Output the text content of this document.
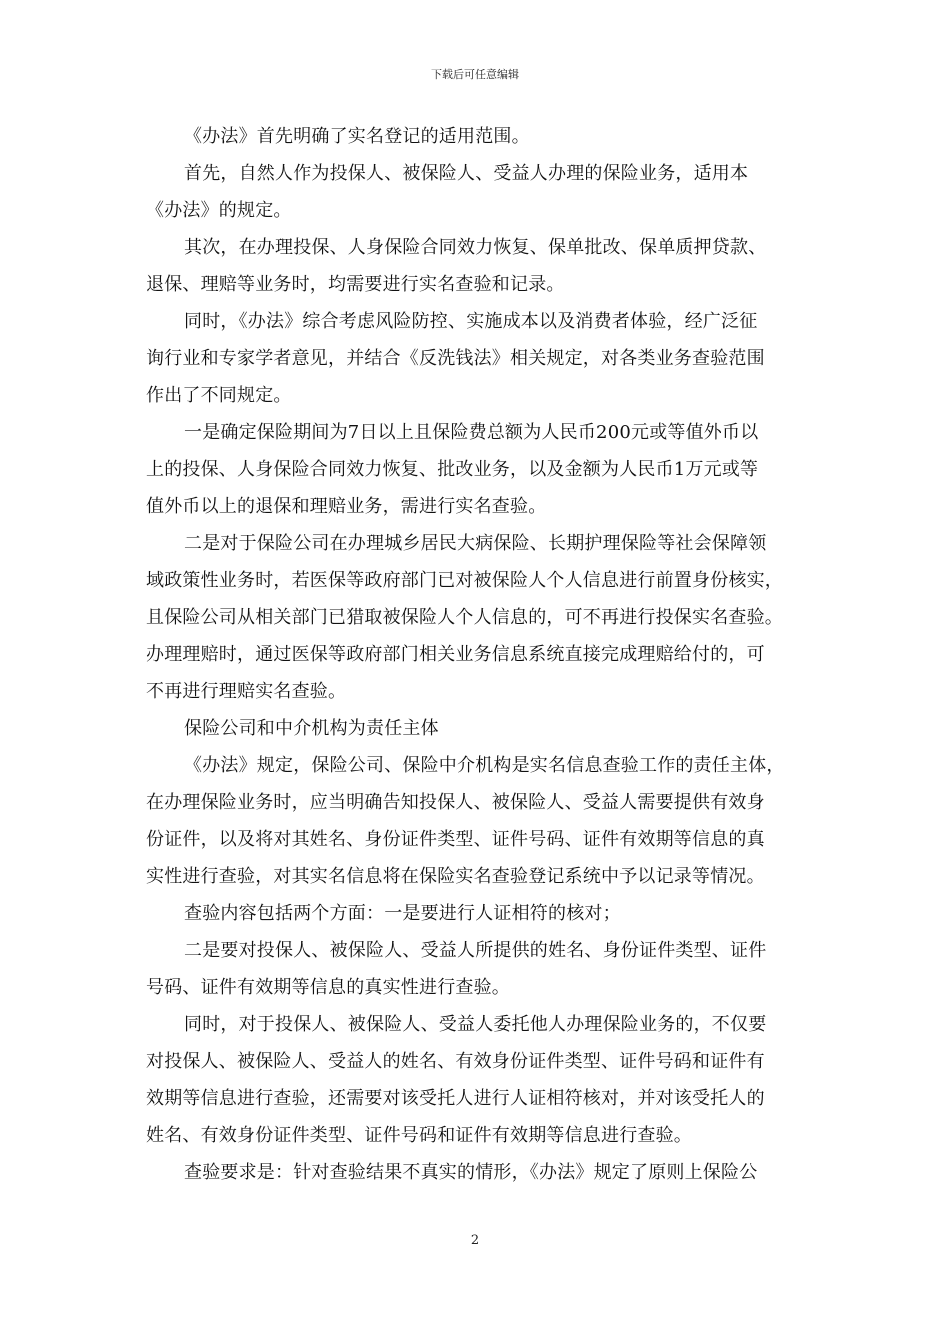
下载后可任意编辑
《办法》首先明确了实名登记的适用范围。
首先，自然人作为投保人、被保险人、受益人办理的保险业务，适用本
《办法》的规定。
其次，在办理投保、人身保险合同效力恢复、保单批改、保单质押贷款、
退保、理赔等业务时，均需要进行实名查验和记录。
同时，《办法》综合考虑风险防控、实施成本以及消费者体验，经广泛征
询行业和专家学者意见，并结合《反洗钱法》相关规定，对各类业务查验范围
作出了不同规定。
一是确定保险期间为7日以上且保险费总额为人民币200元或等值外币以
上的投保、人身保险合同效力恢复、批改业务，以及金额为人民币1万元或等
值外币以上的退保和理赔业务，需进行实名查验。
二是对于保险公司在办理城乡居民大病保险、长期护理保险等社会保障领
域政策性业务时，若医保等政府部门已对被保险人个人信息进行前置身份核实，
且保险公司从相关部门已猎取被保险人个人信息的，可不再进行投保实名查验。
办理理赔时，通过医保等政府部门相关业务信息系统直接完成理赔给付的，可
不再进行理赔实名查验。
保险公司和中介机构为责任主体
《办法》规定，保险公司、保险中介机构是实名信息查验工作的责任主体，
在办理保险业务时，应当明确告知投保人、被保险人、受益人需要提供有效身
份证件，以及将对其姓名、身份证件类型、证件号码、证件有效期等信息的真
实性进行查验，对其实名信息将在保险实名查验登记系统中予以记录等情况。
查验内容包括两个方面：一是要进行人证相符的核对；
二是要对投保人、被保险人、受益人所提供的姓名、身份证件类型、证件
号码、证件有效期等信息的真实性进行查验。
同时，对于投保人、被保险人、受益人委托他人办理保险业务的，不仅要
对投保人、被保险人、受益人的姓名、有效身份证件类型、证件号码和证件有
效期等信息进行查验，还需要对该受托人进行人证相符核对，并对该受托人的
姓名、有效身份证件类型、证件号码和证件有效期等信息进行查验。
查验要求是：针对查验结果不真实的情形，《办法》规定了原则上保险公
2
